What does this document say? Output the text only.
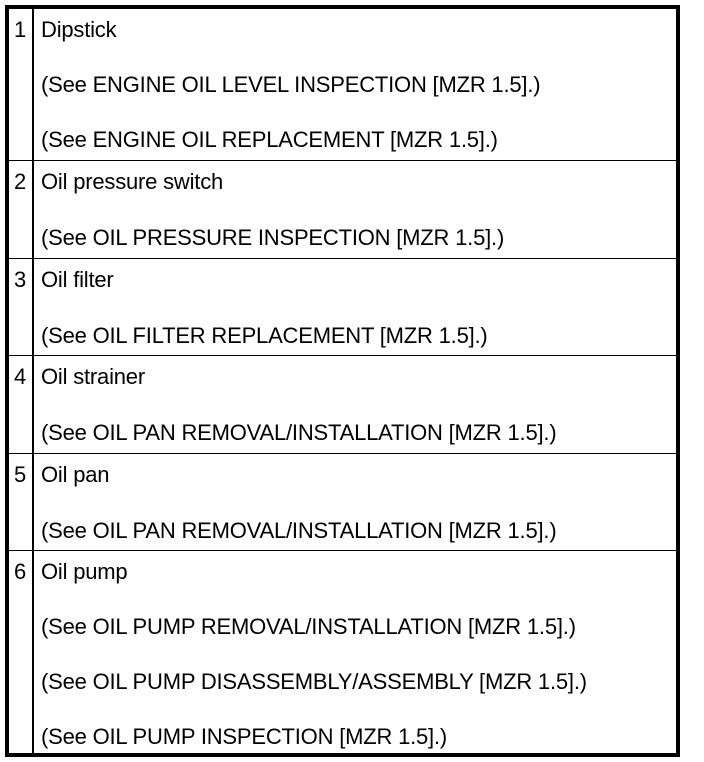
1 Dipstick
(See ENGINE OIL LEVEL INSPECTION [MZR 1.5].)
(See ENGINE OIL REPLACEMENT [MZR 1.5].)
2 Oil pressure switch
(See OIL PRESSURE INSPECTION [MZR 1.5].)
3 Oil filter
(See OIL FILTER REPLACEMENT [MZR 1.5].)
4 Oil strainer
(See OIL PAN REMOVAL/INSTALLATION [MZR 1.5].)
5 Oil pan
(See OIL PAN REMOVAL/INSTALLATION [MZR 1.5].)
6 Oil pump
(See OIL PUMP REMOVAL/INSTALLATION [MZR 1.5].)
(See OIL PUMP DISASSEMBLY/ASSEMBLY [MZR 1.5].)
(See OIL PUMP INSPECTION [MZR 1.5].)
